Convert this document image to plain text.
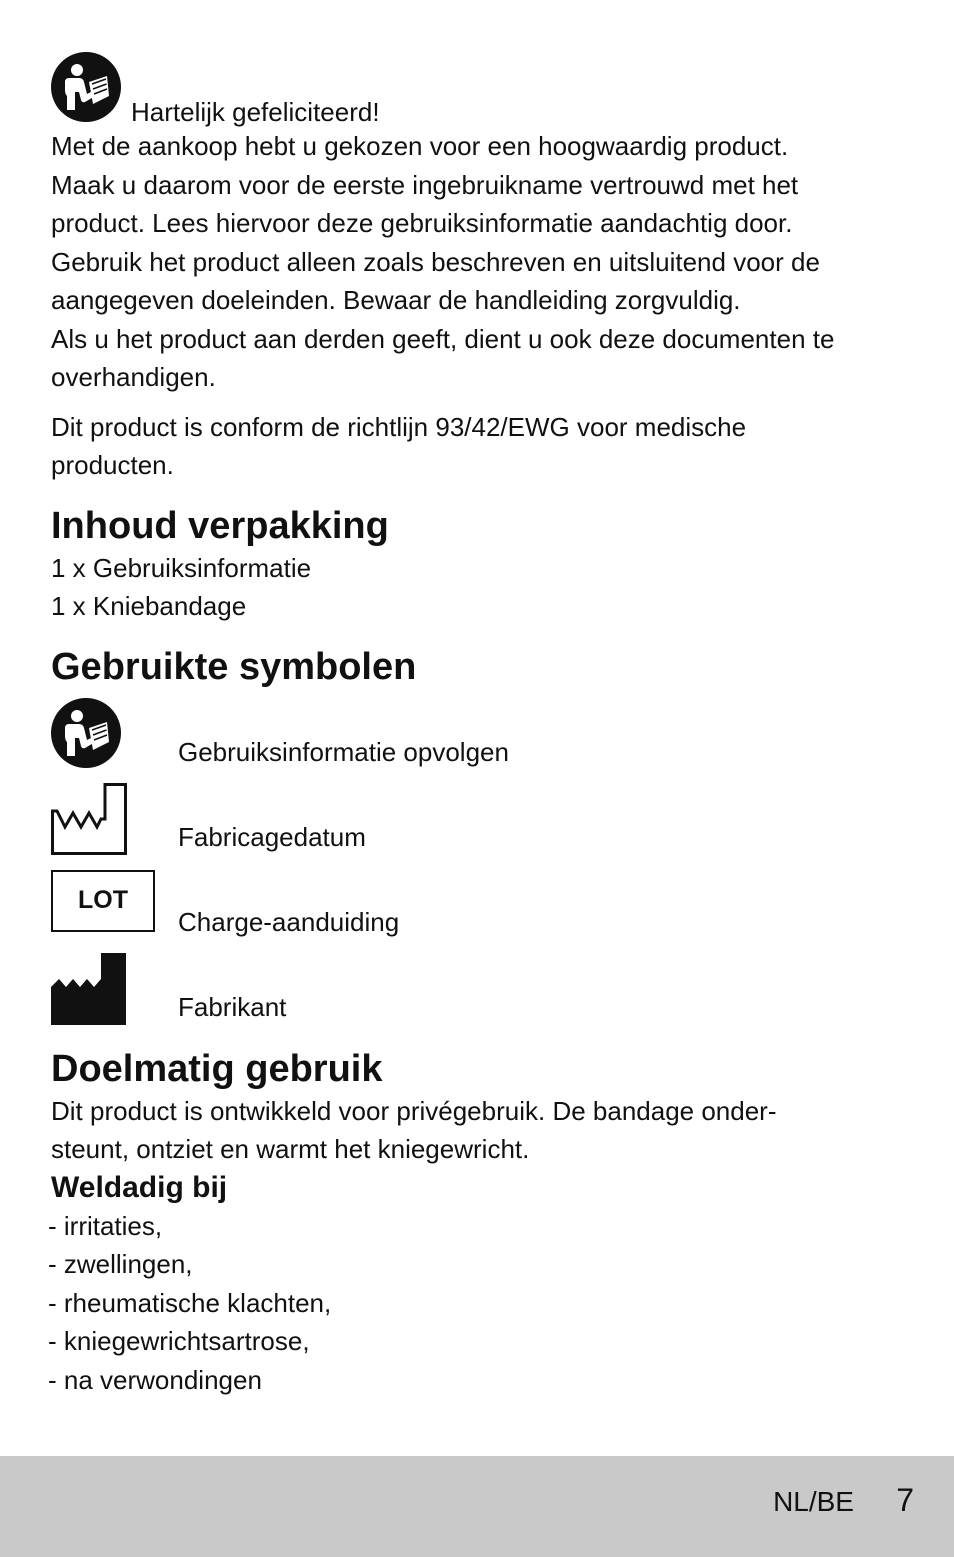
Hartelijk gefeliciteerd!

Met de aankoop hebt u gekozen voor een hoogwaardig product.

Maak u daarom voor de eerste ingebruikname vertrouwd met het

product. Lees hiervoor deze gebruiksinformatie aandachtig door.

Gebruik het product alleen zoals beschreven en uitsluitend voor de

aangegeven doeleinden. Bewaar de handleiding zorgvuldig.

Als u het product aan derden geeft, dient u ook deze documenten te

overhandigen.

Dit product is conform de richtlijn 93/42/EWG voor medische

producten.

Inhoud verpakking

1 x Gebruiksinformatie

1 x Kniebandage

Gebruikte symbolen
Gebruiksinformatie opvolgen
Fabricagedatum
LOT
Charge-aanduiding
Fabrikant
Doelmatig gebruik

Dit product is ontwikkeld voor privégebruik. De bandage onder-

steunt, ontziet en warmt het kniegewricht.

Weldadig bij

- irritaties,

- zwellingen,

- rheumatische klachten,

- kniegewrichtsartrose,

- na verwondingen

NL/BE 7
